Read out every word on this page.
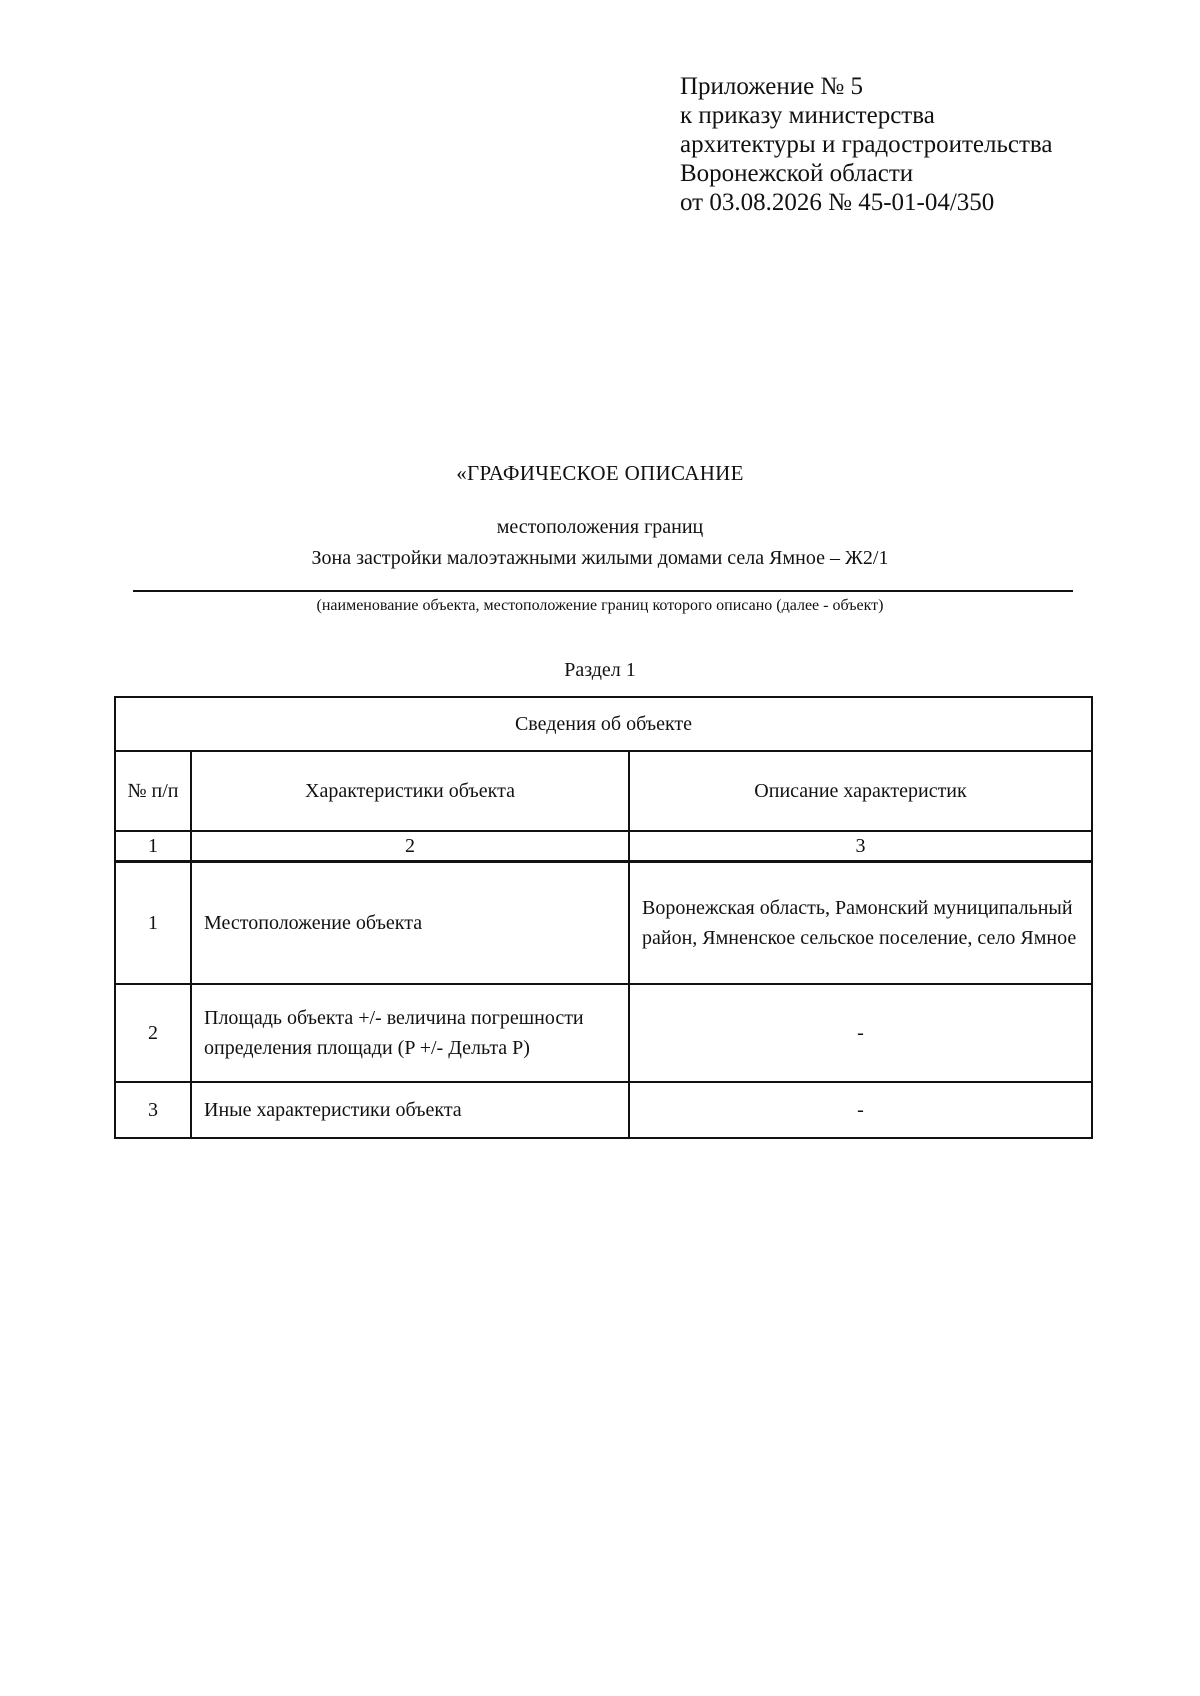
Приложение № 5
к приказу министерства
архитектуры и градостроительства
Воронежской области
от 03.08.2026 № 45-01-04/350
«ГРАФИЧЕСКОЕ ОПИСАНИЕ
местоположения границ
Зона застройки малоэтажными жилыми домами села Ямное – Ж2/1
(наименование объекта, местоположение границ которого описано (далее - объект)
Раздел 1
Сведения об объекте		
№ п/п	Характеристики объекта	Описание характеристик
1	2	3
1	Местоположение объекта	Воронежская область, Рамонский муниципальный район, Ямненское сельское поселение, село Ямное
2	Площадь объекта +/- величина погрешности определения площади (P +/- Дельта P)	-
3	Иные характеристики объекта	-
